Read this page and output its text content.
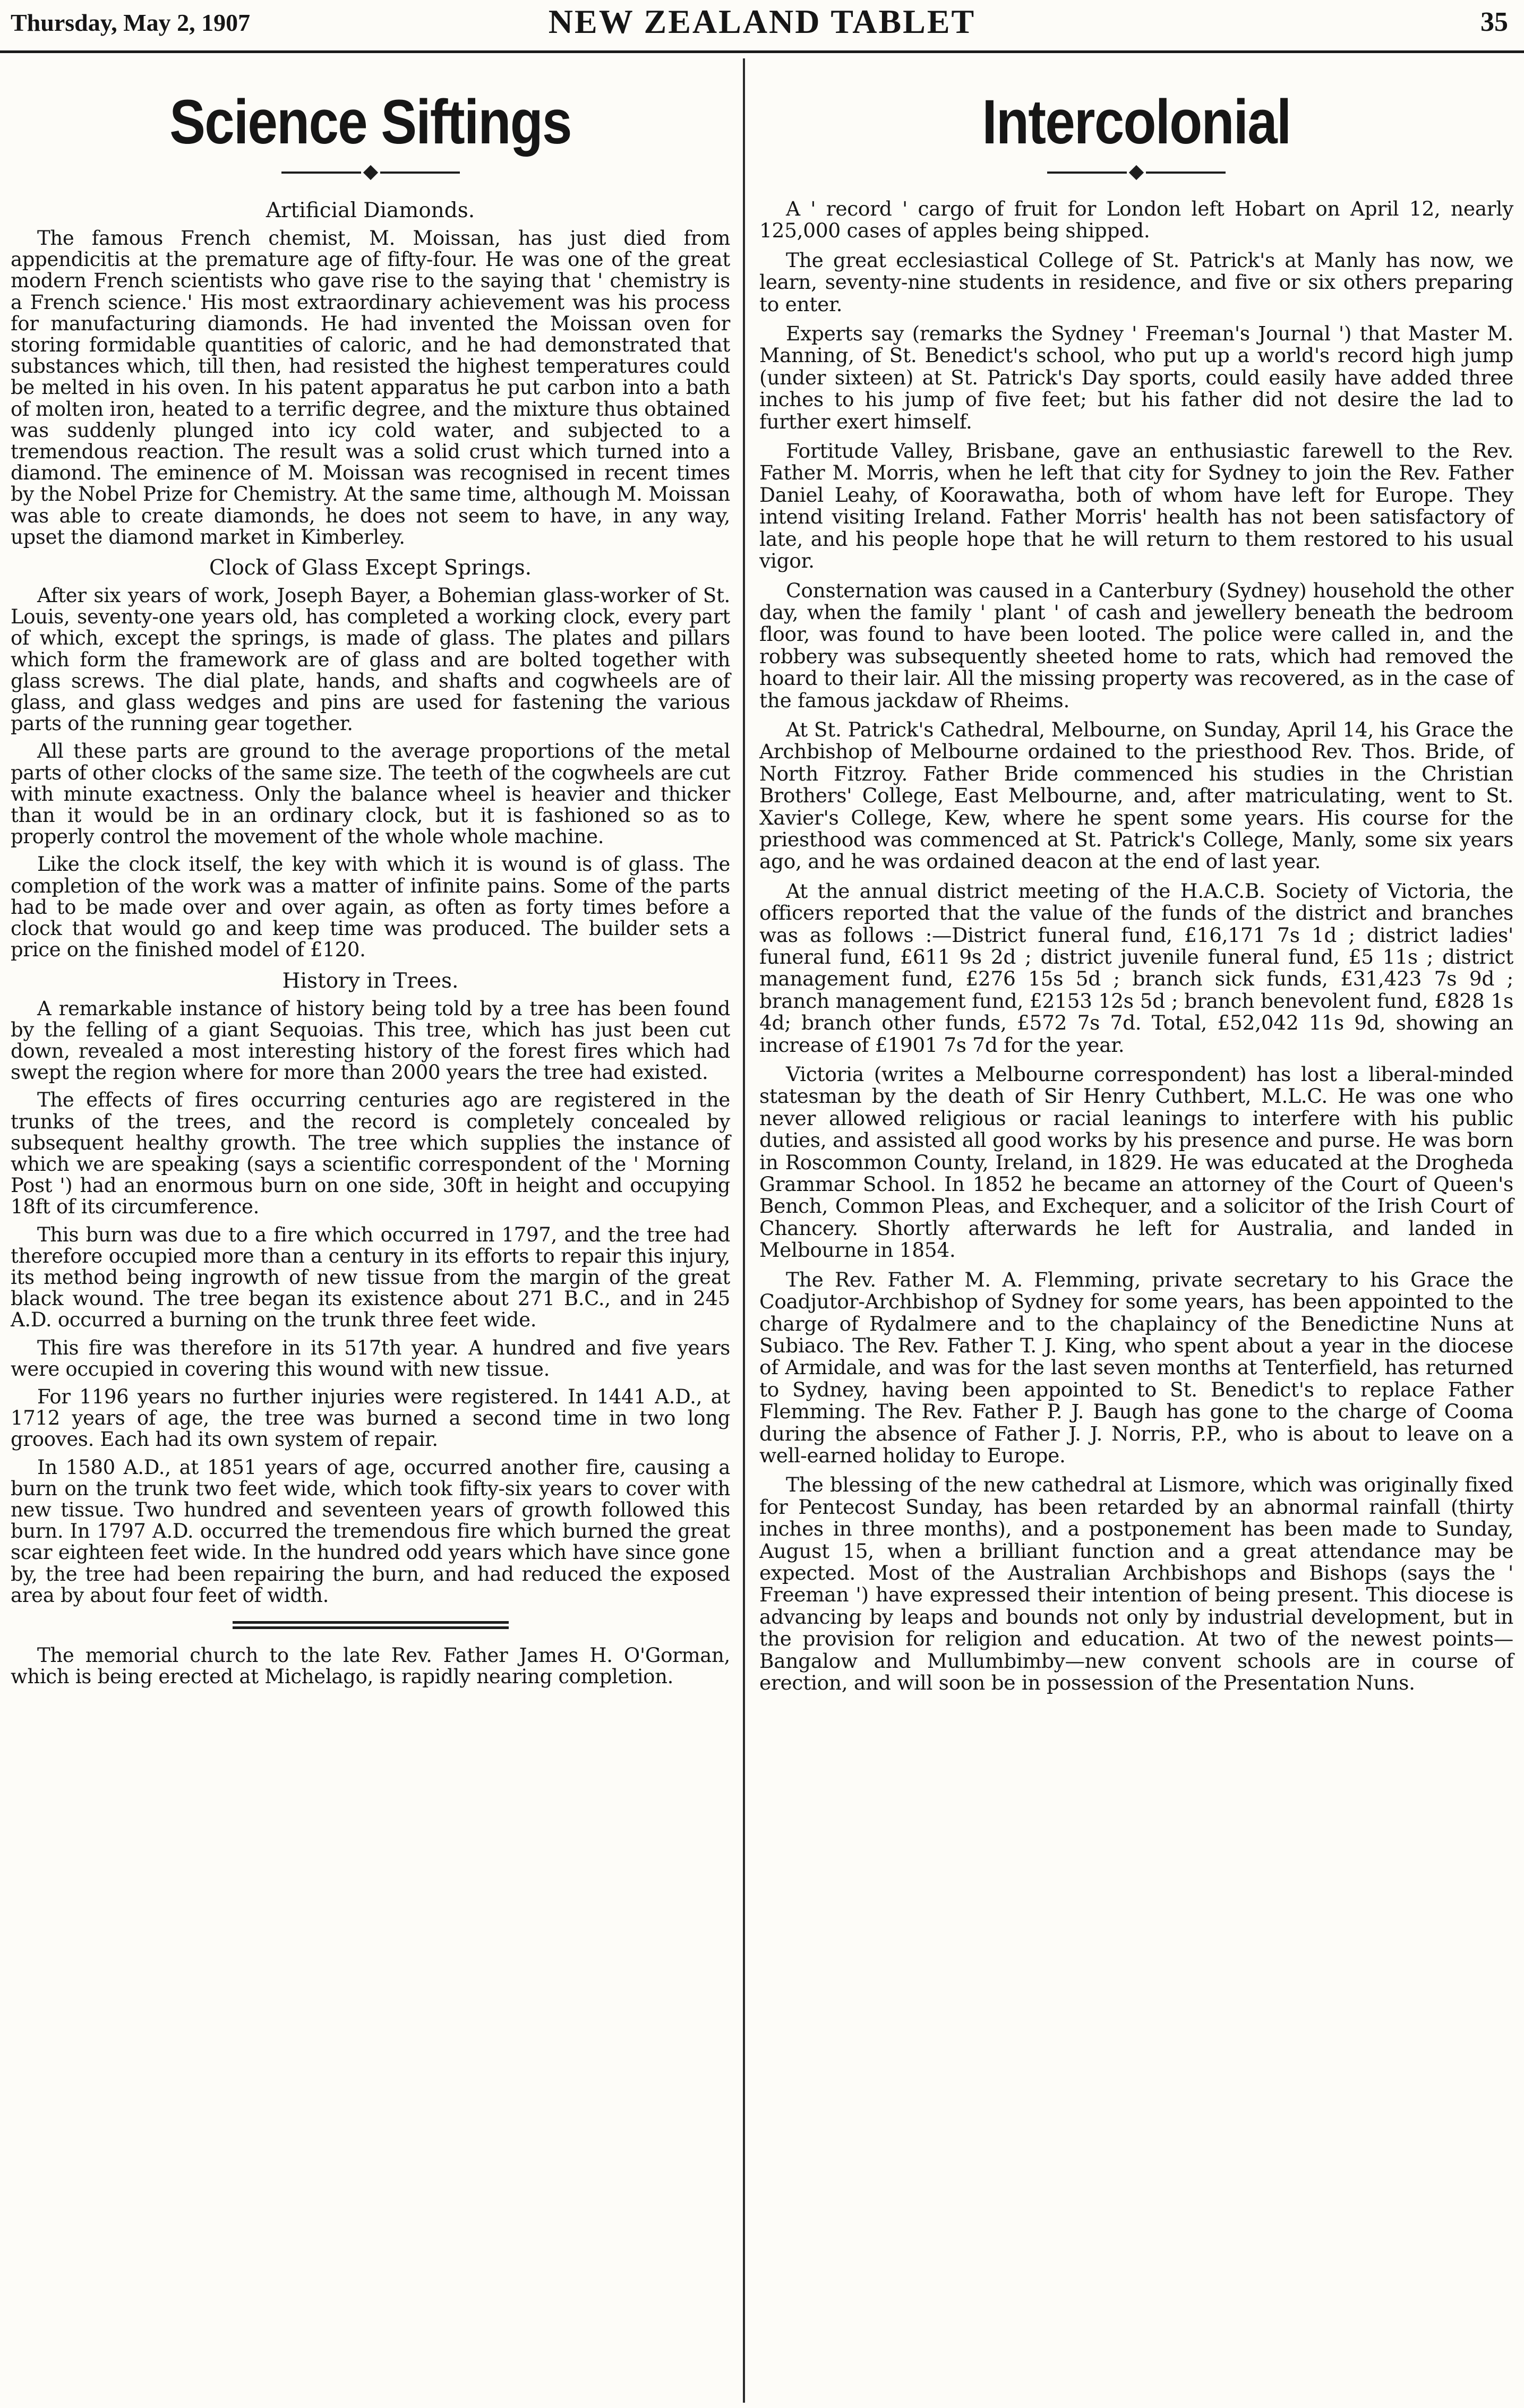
Thursday, May 2, 1907	NEW ZEALAND TABLET	35
Science Siftings
Artificial Diamonds.

The famous French chemist, M. Moissan, has just died from appendicitis at the premature age of fifty-four. He was one of the great modern French scientists who gave rise to the saying that ' chemistry is a French science.' His most extraordinary achievement was his process for manufacturing diamonds. He had invented the Moissan oven for storing formidable quantities of caloric, and he had demonstrated that substances which, till then, had resisted the highest temperatures could be melted in his oven. In his patent apparatus he put carbon into a bath of molten iron, heated to a terrific degree, and the mixture thus obtained was suddenly plunged into icy cold water, and subjected to a tremendous reaction. The result was a solid crust which turned into a diamond. The eminence of M. Moissan was recognised in recent times by the Nobel Prize for Chemistry. At the same time, although M. Moissan was able to create diamonds, he does not seem to have, in any way, upset the diamond market in Kimberley.

Clock of Glass Except Springs.

After six years of work, Joseph Bayer, a Bohemian glass-worker of St. Louis, seventy-one years old, has completed a working clock, every part of which, except the springs, is made of glass. The plates and pillars which form the framework are of glass and are bolted together with glass screws. The dial plate, hands, and shafts and cogwheels are of glass, and glass wedges and pins are used for fastening the various parts of the running gear together.

All these parts are ground to the average proportions of the metal parts of other clocks of the same size. The teeth of the cogwheels are cut with minute exactness. Only the balance wheel is heavier and thicker than it would be in an ordinary clock, but it is fashioned so as to properly control the movement of the whole whole machine.

Like the clock itself, the key with which it is wound is of glass. The completion of the work was a matter of infinite pains. Some of the parts had to be made over and over again, as often as forty times before a clock that would go and keep time was produced. The builder sets a price on the finished model of £120.

History in Trees.

A remarkable instance of history being told by a tree has been found by the felling of a giant Sequoias. This tree, which has just been cut down, revealed a most interesting history of the forest fires which had swept the region where for more than 2000 years the tree had existed.

The effects of fires occurring centuries ago are registered in the trunks of the trees, and the record is completely concealed by subsequent healthy growth. The tree which supplies the instance of which we are speaking (says a scientific correspondent of the ' Morning Post ') had an enormous burn on one side, 30ft in height and occupying 18ft of its circumference.

This burn was due to a fire which occurred in 1797, and the tree had therefore occupied more than a century in its efforts to repair this injury, its method being ingrowth of new tissue from the margin of the great black wound. The tree began its existence about 271 B.C., and in 245 A.D. occurred a burning on the trunk three feet wide.

This fire was therefore in its 517th year. A hundred and five years were occupied in covering this wound with new tissue.

For 1196 years no further injuries were registered. In 1441 A.D., at 1712 years of age, the tree was burned a second time in two long grooves. Each had its own system of repair.

In 1580 A.D., at 1851 years of age, occurred another fire, causing a burn on the trunk two feet wide, which took fifty-six years to cover with new tissue. Two hundred and seventeen years of growth followed this burn. In 1797 A.D. occurred the tremendous fire which burned the great scar eighteen feet wide. In the hundred odd years which have since gone by, the tree had been repairing the burn, and had reduced the exposed area by about four feet of width.

The memorial church to the late Rev. Father James H. O'Gorman, which is being erected at Michelago, is rapidly nearing completion.

Intercolonial

A ' record ' cargo of fruit for London left Hobart on April 12, nearly 125,000 cases of apples being shipped.

The great ecclesiastical College of St. Patrick's at Manly has now, we learn, seventy-nine students in residence, and five or six others preparing to enter.

Experts say (remarks the Sydney ' Freeman's Journal ') that Master M. Manning, of St. Benedict's school, who put up a world's record high jump (under sixteen) at St. Patrick's Day sports, could easily have added three inches to his jump of five feet; but his father did not desire the lad to further exert himself.

Fortitude Valley, Brisbane, gave an enthusiastic farewell to the Rev. Father M. Morris, when he left that city for Sydney to join the Rev. Father Daniel Leahy, of Koorawatha, both of whom have left for Europe. They intend visiting Ireland. Father Morris' health has not been satisfactory of late, and his people hope that he will return to them restored to his usual vigor.

Consternation was caused in a Canterbury (Sydney) household the other day, when the family ' plant ' of cash and jewellery beneath the bedroom floor, was found to have been looted. The police were called in, and the robbery was subsequently sheeted home to rats, which had removed the hoard to their lair. All the missing property was recovered, as in the case of the famous jackdaw of Rheims.

At St. Patrick's Cathedral, Melbourne, on Sunday, April 14, his Grace the Archbishop of Melbourne ordained to the priesthood Rev. Thos. Bride, of North Fitzroy. Father Bride commenced his studies in the Christian Brothers' College, East Melbourne, and, after matriculating, went to St. Xavier's College, Kew, where he spent some years. His course for the priesthood was commenced at St. Patrick's College, Manly, some six years ago, and he was ordained deacon at the end of last year.

At the annual district meeting of the H.A.C.B. Society of Victoria, the officers reported that the value of the funds of the district and branches was as follows :—District funeral fund, £16,171 7s 1d ; district ladies' funeral fund, £611 9s 2d ; district juvenile funeral fund, £5 11s ; district management fund, £276 15s 5d ; branch sick funds, £31,423 7s 9d ; branch management fund, £2153 12s 5d ; branch benevolent fund, £828 1s 4d; branch other funds, £572 7s 7d. Total, £52,042 11s 9d, showing an increase of £1901 7s 7d for the year.

Victoria (writes a Melbourne correspondent) has lost a liberal-minded statesman by the death of Sir Henry Cuthbert, M.L.C. He was one who never allowed religious or racial leanings to interfere with his public duties, and assisted all good works by his presence and purse. He was born in Roscommon County, Ireland, in 1829. He was educated at the Drogheda Grammar School. In 1852 he became an attorney of the Court of Queen's Bench, Common Pleas, and Exchequer, and a solicitor of the Irish Court of Chancery. Shortly afterwards he left for Australia, and landed in Melbourne in 1854.

The Rev. Father M. A. Flemming, private secretary to his Grace the Coadjutor-Archbishop of Sydney for some years, has been appointed to the charge of Rydalmere and to the chaplaincy of the Benedictine Nuns at Subiaco. The Rev. Father T. J. King, who spent about a year in the diocese of Armidale, and was for the last seven months at Tenterfield, has returned to Sydney, having been appointed to St. Benedict's to replace Father Flemming. The Rev. Father P. J. Baugh has gone to the charge of Cooma during the absence of Father J. J. Norris, P.P., who is about to leave on a well-earned holiday to Europe.

The blessing of the new cathedral at Lismore, which was originally fixed for Pentecost Sunday, has been retarded by an abnormal rainfall (thirty inches in three months), and a postponement has been made to Sunday, August 15, when a brilliant function and a great attendance may be expected. Most of the Australian Archbishops and Bishops (says the ' Freeman ') have expressed their intention of being present. This diocese is advancing by leaps and bounds not only by industrial development, but in the provision for religion and education. At two of the newest points—Bangalow and Mullumbimby—new convent schools are in course of erection, and will soon be in possession of the Presentation Nuns.
